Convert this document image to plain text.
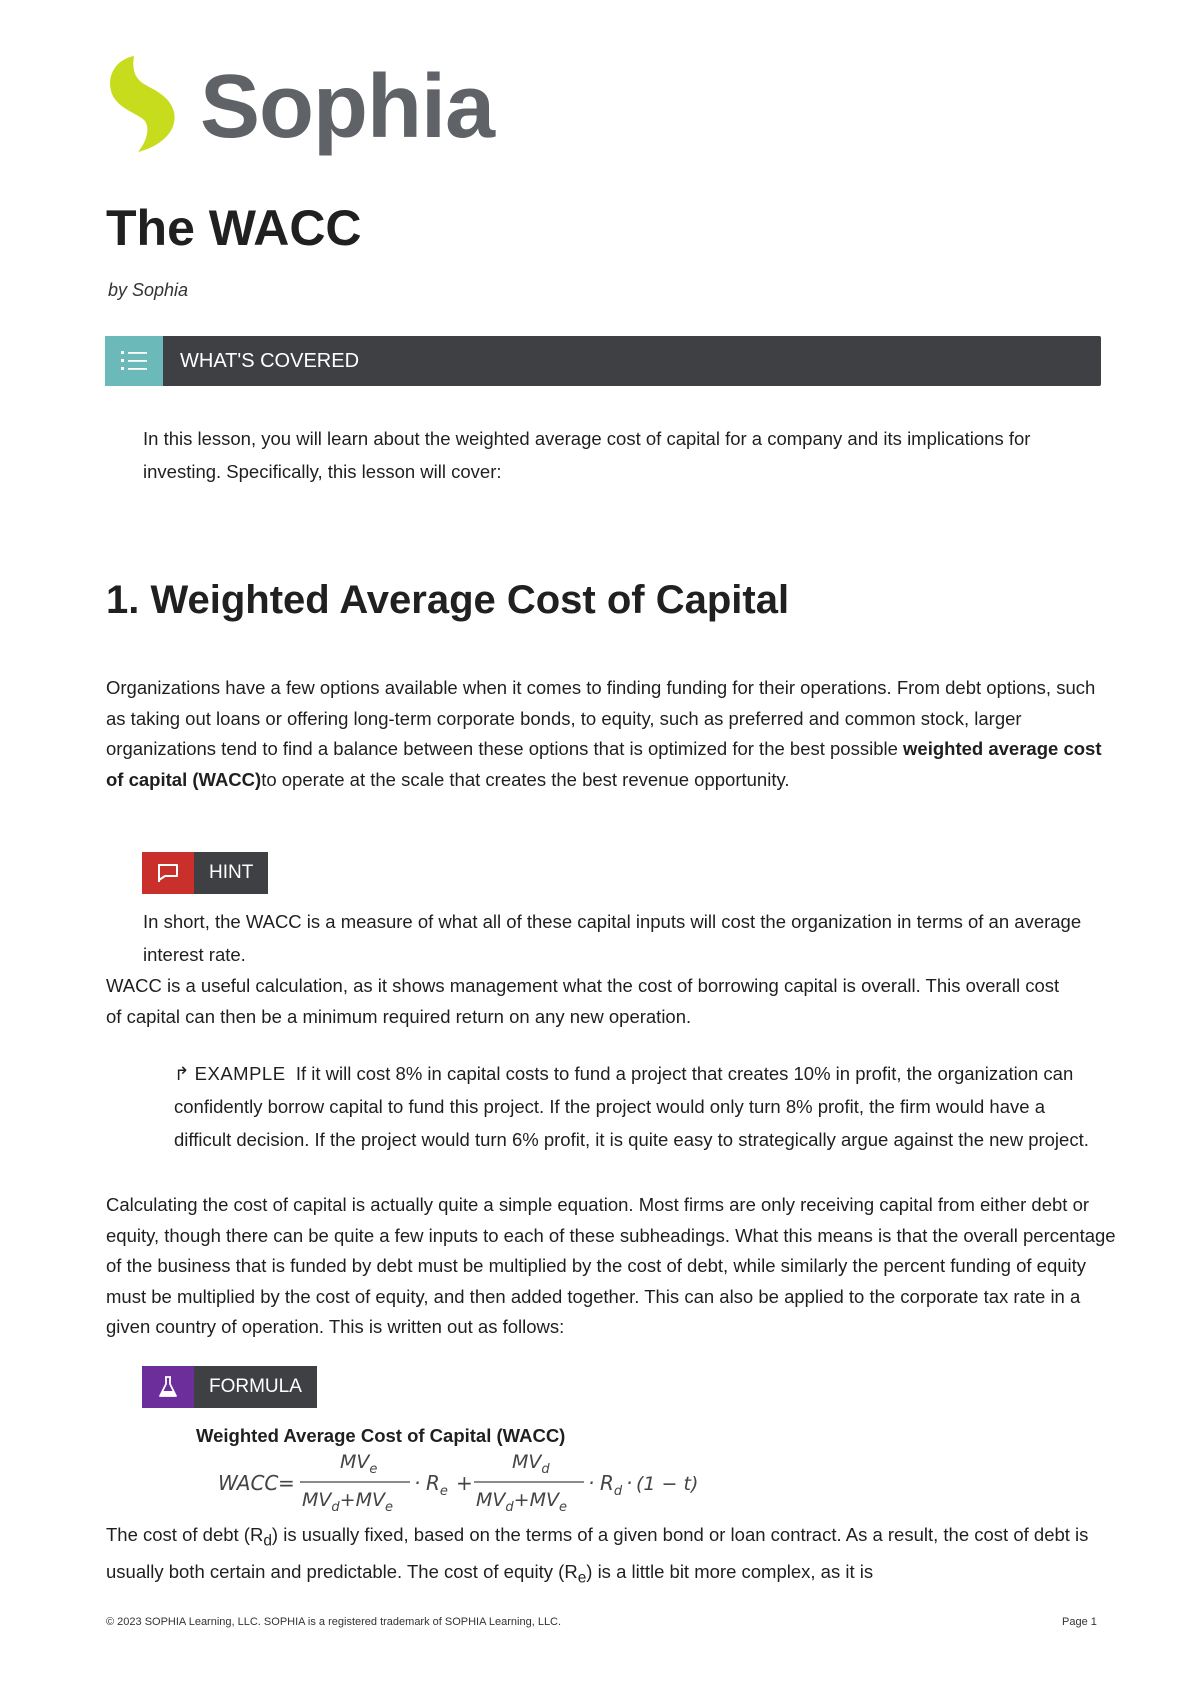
Sophia
The WACC
by Sophia
WHAT'S COVERED

In this lesson, you will learn about the weighted average cost of capital for a company and its implications for investing. Specifically, this lesson will cover:

1. Weighted Average Cost of Capital

Organizations have a few options available when it comes to finding funding for their operations. From debt options, such as taking out loans or offering long-term corporate bonds, to equity, such as preferred and common stock, larger organizations tend to find a balance between these options that is optimized for the best possible weighted average cost of capital (WACC)to operate at the scale that creates the best revenue opportunity.

HINT

In short, the WACC is a measure of what all of these capital inputs will cost the organization in terms of an average interest rate.

WACC is a useful calculation, as it shows management what the cost of borrowing capital is overall. This overall cost of capital can then be a minimum required return on any new operation.

↱ EXAMPLE If it will cost 8% in capital costs to fund a project that creates 10% in profit, the organization can confidently borrow capital to fund this project. If the project would only turn 8% profit, the firm would have a difficult decision. If the project would turn 6% profit, it is quite easy to strategically argue against the new project.

Calculating the cost of capital is actually quite a simple equation. Most firms are only receiving capital from either debt or equity, though there can be quite a few inputs to each of these subheadings. What this means is that the overall percentage of the business that is funded by debt must be multiplied by the cost of debt, while similarly the percent funding of equity must be multiplied by the cost of equity, and then added together. This can also be applied to the corporate tax rate in a given country of operation. This is written out as follows:

FORMULA
Weighted Average Cost of Capital (WACC)
WACC =
$MV_e$
$MV_d+MV_e$
· $R_e$ +
$MV_d$
$MV_d+MV_e$
· $R_d \cdot (1 - t)$

The cost of debt $(R_d)$ is usually fixed, based on the terms of a given bond or loan contract. As a result, the cost of debt is usually both certain and predictable. The cost of equity $(R_e)$ is a little bit more complex, as it is

© 2023 SOPHIA Learning, LLC. SOPHIA is a registered trademark of SOPHIA Learning, LLC.	Page 1
